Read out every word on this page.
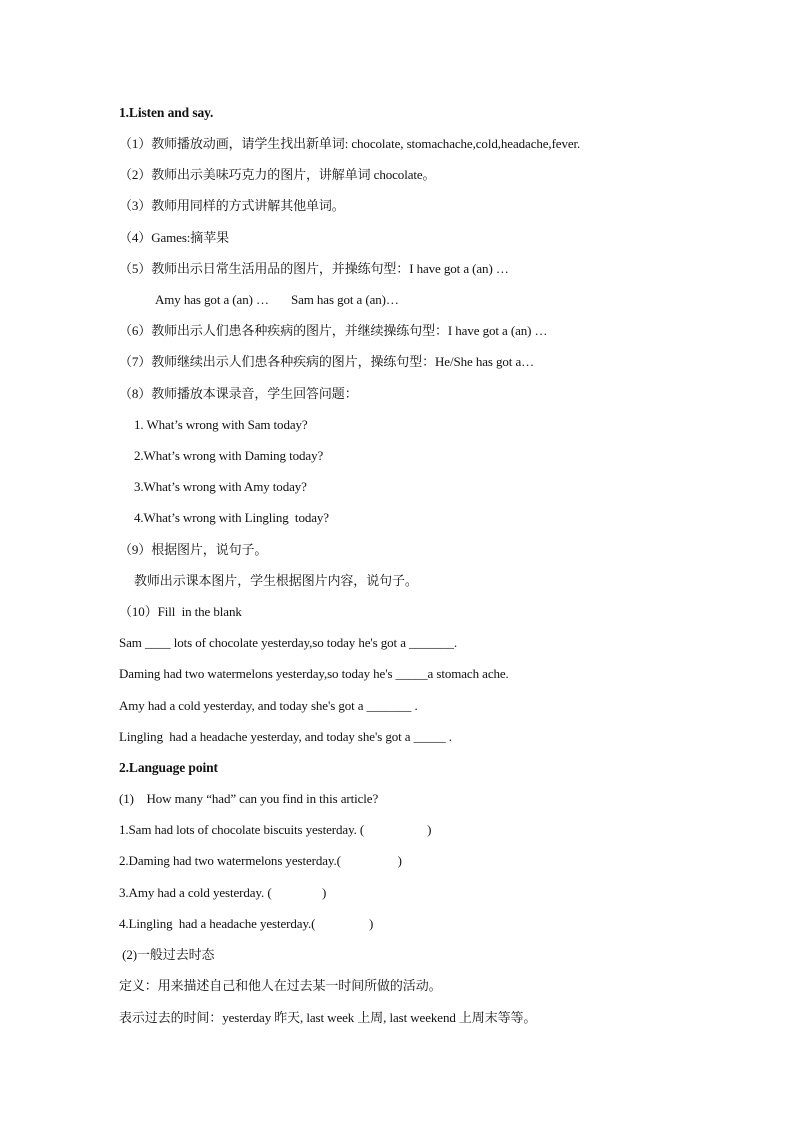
1.Listen and say.
（1）教师播放动画，请学生找出新单词: chocolate, stomachache,cold,headache,fever.
（2）教师出示美味巧克力的图片，讲解单词 chocolate。
（3）教师用同样的方式讲解其他单词。
（4）Games:摘苹果
（5）教师出示日常生活用品的图片，并操练句型：I have got a (an) …
Amy has got a (an) …       Sam has got a (an)…
（6）教师出示人们患各种疾病的图片，并继续操练句型：I have got a (an) …
（7）教师继续出示人们患各种疾病的图片，操练句型：He/She has got a…
（8）教师播放本课录音，学生回答问题：
1. What’s wrong with Sam today?
2.What’s wrong with Daming today?
3.What’s wrong with Amy today?
4.What’s wrong with Lingling  today?
（9）根据图片，说句子。
教师出示课本图片，学生根据图片内容，说句子。
（10）Fill  in the blank
Sam ____ lots of chocolate yesterday,so today he's got a _______.
Daming had two watermelons yesterday,so today he's _____a stomach ache.
Amy had a cold yesterday, and today she's got a _______ .
Lingling  had a headache yesterday, and today she's got a _____ .
2.Language point
(1)    How many “had” can you find in this article?
1.Sam had lots of chocolate biscuits yesterday. (                    )
2.Daming had two watermelons yesterday.(                  )
3.Amy had a cold yesterday. (                )
4.Lingling  had a headache yesterday.(                 )
(2)一般过去时态
定义：用来描述自己和他人在过去某一时间所做的活动。
表示过去的时间：yesterday 昨天, last week 上周, last weekend 上周末等等。
